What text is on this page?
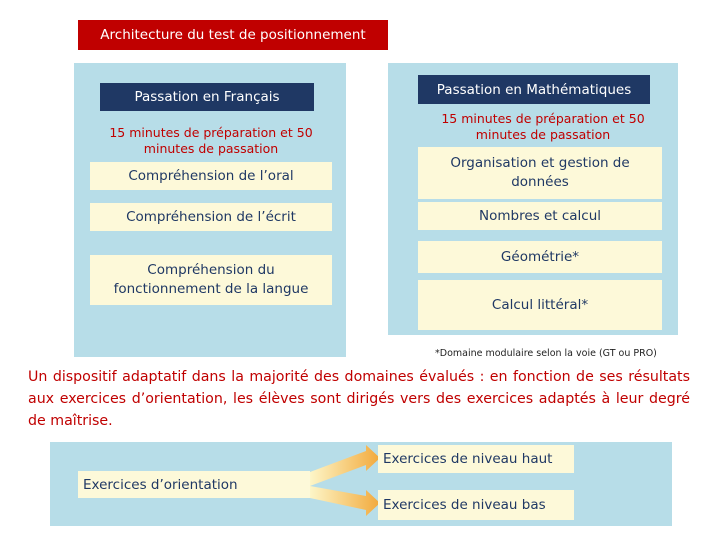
Architecture du test de positionnement
Passation en Français
15 minutes de préparation et 50 minutes de passation
Compréhension de l’oral
Compréhension de l’écrit
Compréhension du fonctionnement de la langue
Passation en Mathématiques
15 minutes de préparation et 50 minutes de passation
Organisation et gestion de données
Nombres et calcul
Géométrie*
Calcul littéral*
*Domaine modulaire selon la voie (GT ou PRO)
Un dispositif adaptatif dans la majorité des domaines évalués : en fonction de ses résultats aux exercices d’orientation, les élèves sont dirigés vers des exercices adaptés à leur degré de maîtrise.
Exercices d’orientation
Exercices de niveau haut
Exercices de niveau bas
